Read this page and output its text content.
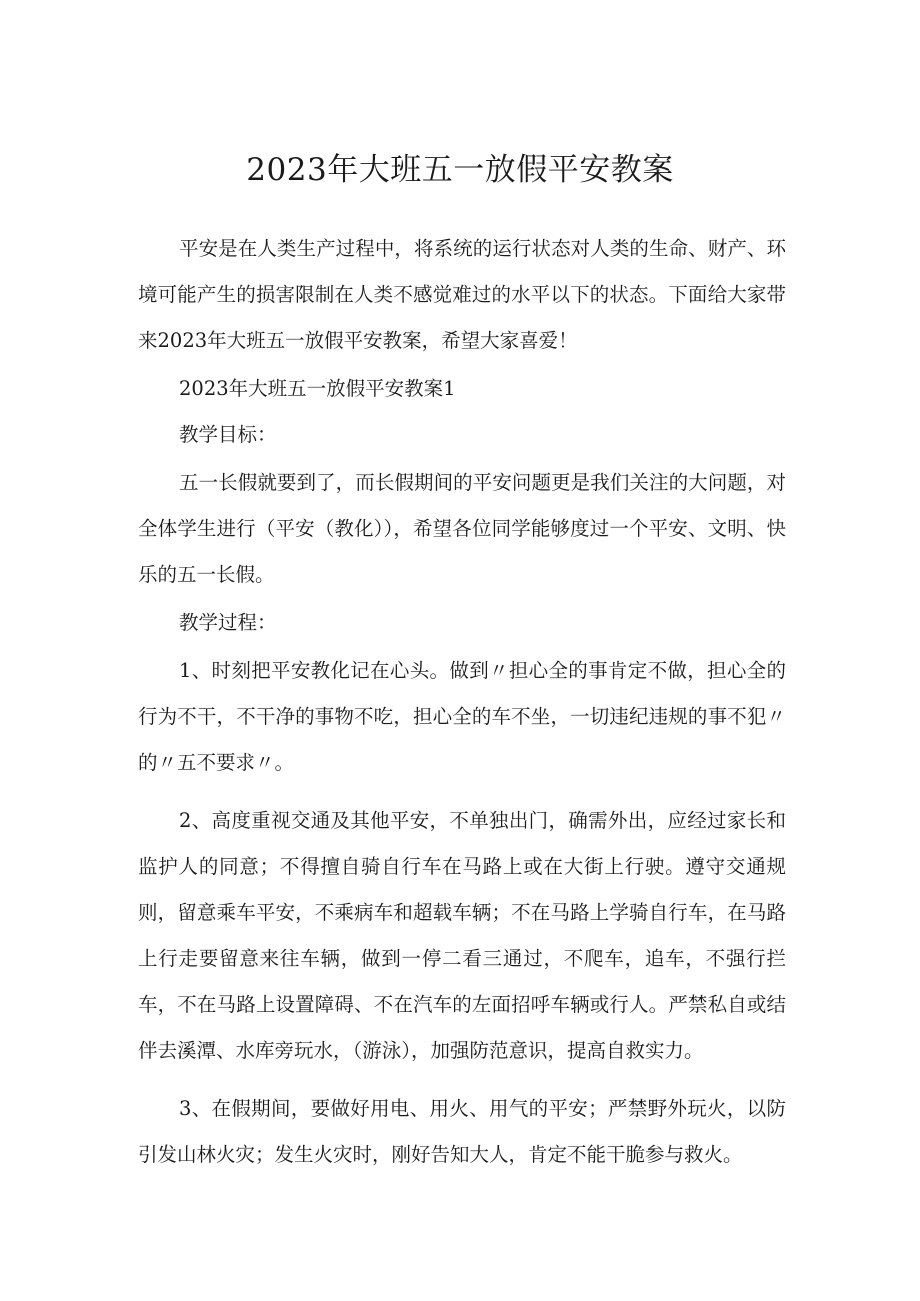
2023年大班五一放假平安教案

平安是在人类生产过程中，将系统的运行状态对人类的生命、财产、环境可能产生的损害限制在人类不感觉难过的水平以下的状态。下面给大家带来2023年大班五一放假平安教案，希望大家喜爱！

2023年大班五一放假平安教案1

教学目标：

五一长假就要到了，而长假期间的平安问题更是我们关注的大问题，对全体学生进行（平安（教化）），希望各位同学能够度过一个平安、文明、快乐的五一长假。

教学过程：

1、时刻把平安教化记在心头。做到〃担心全的事肯定不做，担心全的行为不干，不干净的事物不吃，担心全的车不坐，一切违纪违规的事不犯〃的〃五不要求〃。

2、高度重视交通及其他平安，不单独出门，确需外出，应经过家长和监护人的同意；不得擅自骑自行车在马路上或在大街上行驶。遵守交通规则，留意乘车平安，不乘病车和超载车辆；不在马路上学骑自行车，在马路上行走要留意来往车辆，做到一停二看三通过，不爬车，追车，不强行拦车，不在马路上设置障碍、不在汽车的左面招呼车辆或行人。严禁私自或结伴去溪潭、水库旁玩水，（游泳），加强防范意识，提高自救实力。

3、在假期间，要做好用电、用火、用气的平安；严禁野外玩火，以防引发山林火灾；发生火灾时，刚好告知大人，肯定不能干脆参与救火。
